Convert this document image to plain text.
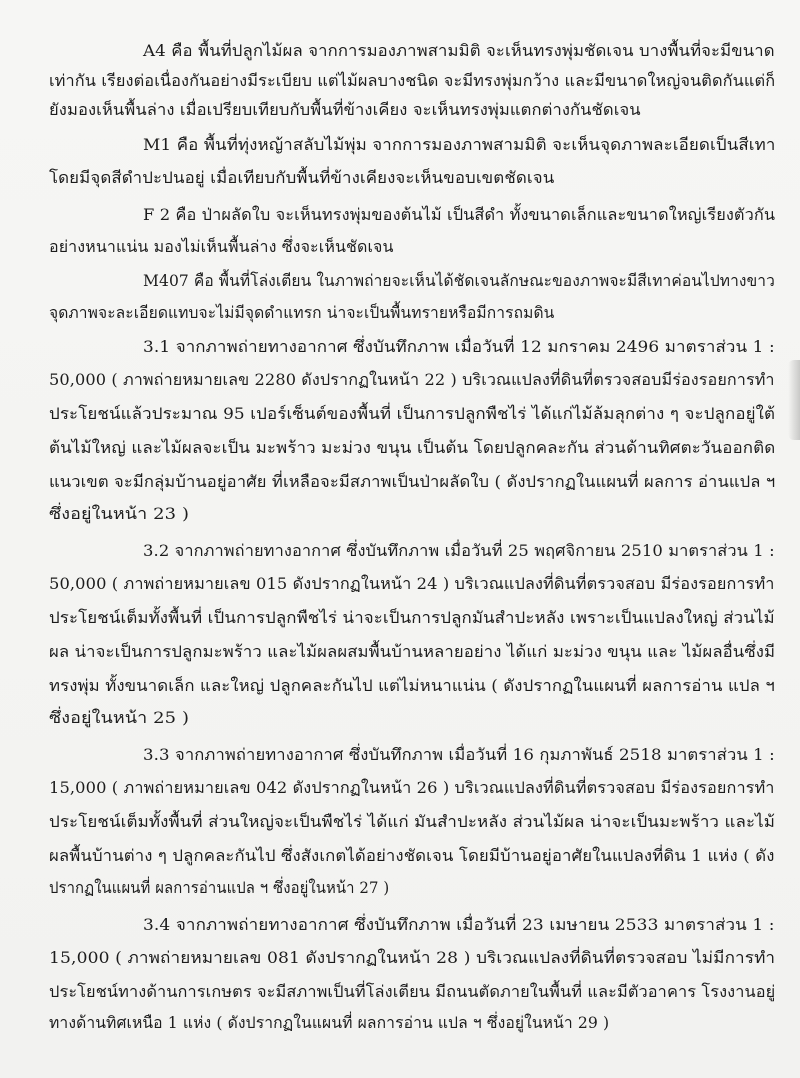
A4 คือ พื้นที่ปลูกไม้ผล จากการมองภาพสามมิติ จะเห็นทรงพุ่มชัดเจน บางพื้นที่จะมีขนาด
เท่ากัน เรียงต่อเนื่องกันอย่างมีระเบียบ แต่ไม้ผลบางชนิด จะมีทรงพุ่มกว้าง และมีขนาดใหญ่จนติดกันแต่ก็
ยังมองเห็นพื้นล่าง เมื่อเปรียบเทียบกับพื้นที่ข้างเคียง จะเห็นทรงพุ่มแตกต่างกันชัดเจน
M1 คือ พื้นที่ทุ่งหญ้าสลับไม้พุ่ม จากการมองภาพสามมิติ จะเห็นจุดภาพละเอียดเป็นสีเทา
โดยมีจุดสีดำปะปนอยู่ เมื่อเทียบกับพื้นที่ข้างเคียงจะเห็นขอบเขตชัดเจน
F 2 คือ ป่าผลัดใบ จะเห็นทรงพุ่มของต้นไม้ เป็นสีดำ ทั้งขนาดเล็กและขนาดใหญ่เรียงตัวกัน
อย่างหนาแน่น มองไม่เห็นพื้นล่าง ซึ่งจะเห็นชัดเจน
M407 คือ พื้นที่โล่งเตียน ในภาพถ่ายจะเห็นได้ชัดเจนลักษณะของภาพจะมีสีเทาค่อนไปทางขาว
จุดภาพจะละเอียดแทบจะไม่มีจุดดำแทรก น่าจะเป็นพื้นทรายหรือมีการถมดิน
3.1 จากภาพถ่ายทางอากาศ ซึ่งบันทึกภาพ เมื่อวันที่ 12 มกราคม 2496 มาตราส่วน 1 :
50,000 ( ภาพถ่ายหมายเลข 2280 ดังปรากฏในหน้า 22 ) บริเวณแปลงที่ดินที่ตรวจสอบมีร่องรอยการทำ
ประโยชน์แล้วประมาณ 95 เปอร์เซ็นต์ของพื้นที่ เป็นการปลูกพืชไร่ ได้แก่ไม้ล้มลุกต่าง ๆ จะปลูกอยู่ใต้
ต้นไม้ใหญ่ และไม้ผลจะเป็น มะพร้าว มะม่วง ขนุน เป็นต้น โดยปลูกคละกัน ส่วนด้านทิศตะวันออกติด
แนวเขต จะมีกลุ่มบ้านอยู่อาศัย ที่เหลือจะมีสภาพเป็นป่าผลัดใบ ( ดังปรากฏในแผนที่ ผลการ อ่านแปล ฯ
ซึ่งอยู่ในหน้า 23 )
3.2 จากภาพถ่ายทางอากาศ ซึ่งบันทึกภาพ เมื่อวันที่ 25 พฤศจิกายน 2510 มาตราส่วน 1 :
50,000 ( ภาพถ่ายหมายเลข 015 ดังปรากฏในหน้า 24 ) บริเวณแปลงที่ดินที่ตรวจสอบ มีร่องรอยการทำ
ประโยชน์เต็มทั้งพื้นที่ เป็นการปลูกพืชไร่ น่าจะเป็นการปลูกมันสำปะหลัง เพราะเป็นแปลงใหญ่ ส่วนไม้
ผล น่าจะเป็นการปลูกมะพร้าว และไม้ผลผสมพื้นบ้านหลายอย่าง ได้แก่ มะม่วง ขนุน และ ไม้ผลอื่นซึ่งมี
ทรงพุ่ม ทั้งขนาดเล็ก และใหญ่ ปลูกคละกันไป แต่ไม่หนาแน่น ( ดังปรากฏในแผนที่ ผลการอ่าน แปล ฯ
ซึ่งอยู่ในหน้า 25 )
3.3 จากภาพถ่ายทางอากาศ ซึ่งบันทึกภาพ เมื่อวันที่ 16 กุมภาพันธ์ 2518 มาตราส่วน 1 :
15,000 ( ภาพถ่ายหมายเลข 042 ดังปรากฏในหน้า 26 ) บริเวณแปลงที่ดินที่ตรวจสอบ มีร่องรอยการทำ
ประโยชน์เต็มทั้งพื้นที่ ส่วนใหญ่จะเป็นพืชไร่ ได้แก่ มันสำปะหลัง ส่วนไม้ผล น่าจะเป็นมะพร้าว และไม้
ผลพื้นบ้านต่าง ๆ ปลูกคละกันไป ซึ่งสังเกตได้อย่างชัดเจน โดยมีบ้านอยู่อาศัยในแปลงที่ดิน 1 แห่ง ( ดัง
ปรากฏในแผนที่ ผลการอ่านแปล ฯ ซึ่งอยู่ในหน้า 27 )
3.4 จากภาพถ่ายทางอากาศ ซึ่งบันทึกภาพ เมื่อวันที่ 23 เมษายน 2533 มาตราส่วน 1 :
15,000 ( ภาพถ่ายหมายเลข 081 ดังปรากฏในหน้า 28 ) บริเวณแปลงที่ดินที่ตรวจสอบ ไม่มีการทำ
ประโยชน์ทางด้านการเกษตร จะมีสภาพเป็นที่โล่งเตียน มีถนนตัดภายในพื้นที่ และมีตัวอาคาร โรงงานอยู่
ทางด้านทิศเหนือ 1 แห่ง ( ดังปรากฏในแผนที่ ผลการอ่าน แปล ฯ ซึ่งอยู่ในหน้า 29 )
